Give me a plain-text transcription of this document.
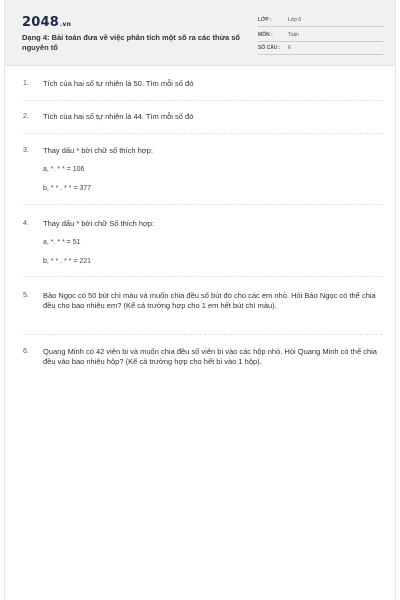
2048.vn
Dạng 4: Bài toán đưa về việc phân tích một số ra các thừa số nguyên tố
LỚP :	Lớp 6
MÔN :	Toán
SỐ CÂU : 6
1. Tích của hai số tự nhiên là 50. Tìm mỗi số đó
2. Tích của hai số tự nhiên là 44. Tìm mỗi số đó
3. Thay dấu * bởi chữ số thích hợp:
a, *. * * = 106
b, * * . * * = 377
4. Thay dấu * bởi chữ Số thích hợp:
a, *. * * = 51
b, * * . * * = 221
5. Bảo Ngọc có 50 bút chì màu và muốn chia đều số bút đó cho các em nhỏ. Hỏi Bảo Ngọc có thể chia đều cho bao nhiêu em? (Kể cả trường hợp cho 1 em hết bút chì màu).
6. Quang Minh có 42 viên bi và muốn chia đều số viên bi vào các hộp nhỏ. Hỏi Quang Minh có thể chia đều vào bao nhiêu hộp? (Kể cả trường hợp cho hết bi vào 1 hộp).
